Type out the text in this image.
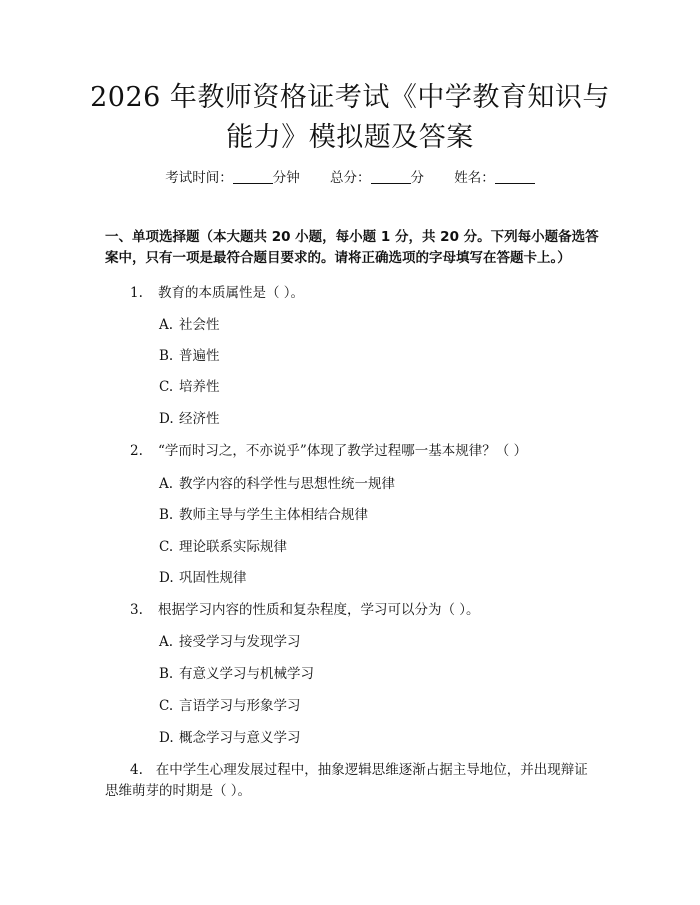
2026 年教师资格证考试《中学教育知识与能力》模拟题及答案
考试时间：	分钟 总分：	分 姓名：

一、单项选择题（本大题共 20 小题，每小题 1 分，共 20 分。下列每小题备选答案中，只有一项是最符合题目要求的。请将正确选项的字母填写在答题卡上。）

1. 教育的本质属性是（ ）。
A. 社会性
B. 普遍性
C. 培养性
D. 经济性
2. “学而时习之，不亦说乎”体现了教学过程哪一基本规律？（ ）
A. 教学内容的科学性与思想性统一规律
B. 教师主导与学生主体相结合规律
C. 理论联系实际规律
D. 巩固性规律
3. 根据学习内容的性质和复杂程度，学习可以分为（ ）。
A. 接受学习与发现学习
B. 有意义学习与机械学习
C. 言语学习与形象学习
D. 概念学习与意义学习
4. 在中学生心理发展过程中，抽象逻辑思维逐渐占据主导地位，并出现辩证思维萌芽的时期是（ ）。
